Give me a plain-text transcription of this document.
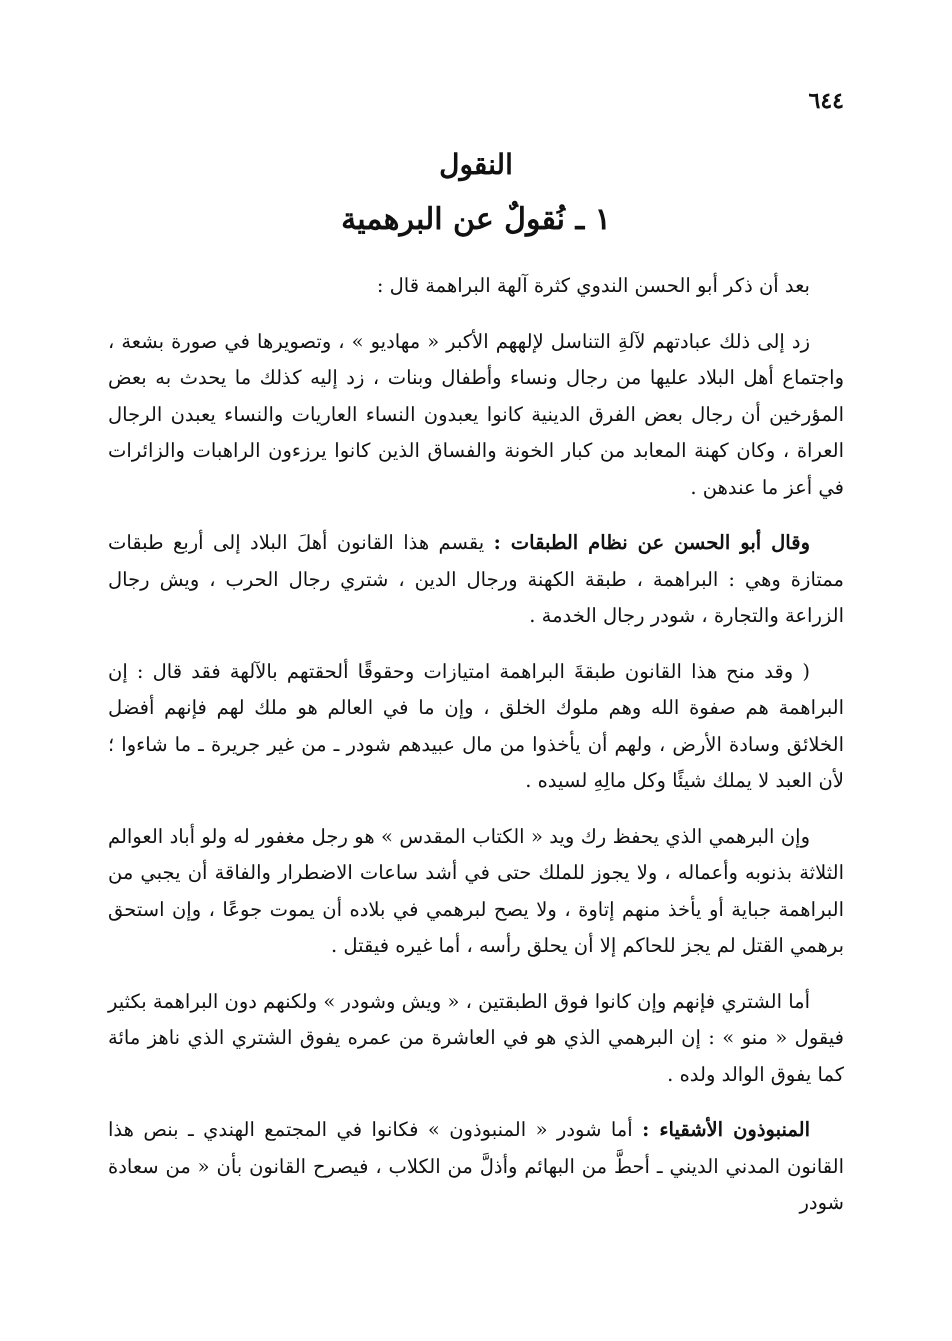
٦٤٤

النقول
١ ـ نُقولٌ عن البرهمية

بعد أن ذكر أبو الحسن الندوي كثرة آلهة البراهمة قال :

زد إلى ذلك عبادتهم لآلةِ التناسل لإلههم الأكبر « مهاديو » ، وتصويرها في صورة بشعة ، واجتماع أهل البلاد عليها من رجال ونساء وأطفال وبنات ، زد إليه كذلك ما يحدث به بعض المؤرخين أن رجال بعض الفرق الدينية كانوا يعبدون النساء العاريات والنساء يعبدن الرجال العراة ، وكان كهنة المعابد من كبار الخونة والفساق الذين كانوا يرزءون الراهبات والزائرات في أعز ما عندهن .

وقال أبو الحسن عن نظام الطبقات : يقسم هذا القانون أهلَ البلاد إلى أربع طبقات ممتازة وهي : البراهمة ، طبقة الكهنة ورجال الدين ، شتري رجال الحرب ، ويش رجال الزراعة والتجارة ، شودر رجال الخدمة .

( وقد منح هذا القانون طبقةَ البراهمة امتيازات وحقوقًا ألحقتهم بالآلهة فقد قال : إن البراهمة هم صفوة الله وهم ملوك الخلق ، وإن ما في العالم هو ملك لهم فإنهم أفضل الخلائق وسادة الأرض ، ولهم أن يأخذوا من مال عبيدهم شودر ـ من غير جريرة ـ ما شاءوا ؛ لأن العبد لا يملك شيئًا وكل مالِهِ لسيده .

وإن البرهمي الذي يحفظ رك ويد « الكتاب المقدس » هو رجل مغفور له ولو أباد العوالم الثلاثة بذنوبه وأعماله ، ولا يجوز للملك حتى في أشد ساعات الاضطرار والفاقة أن يجبي من البراهمة جباية أو يأخذ منهم إتاوة ، ولا يصح لبرهمي في بلاده أن يموت جوعًا ، وإن استحق برهمي القتل لم يجز للحاكم إلا أن يحلق رأسه ، أما غيره فيقتل .

أما الشتري فإنهم وإن كانوا فوق الطبقتين ، « ويش وشودر » ولكنهم دون البراهمة بكثير فيقول « منو » : إن البرهمي الذي هو في العاشرة من عمره يفوق الشتري الذي ناهز مائة كما يفوق الوالد ولده .

المنبوذون الأشقياء : أما شودر « المنبوذون » فكانوا في المجتمع الهندي ـ بنص هذا القانون المدني الديني ـ أحطَّ من البهائم وأذلَّ من الكلاب ، فيصرح القانون بأن « من سعادة شودر
